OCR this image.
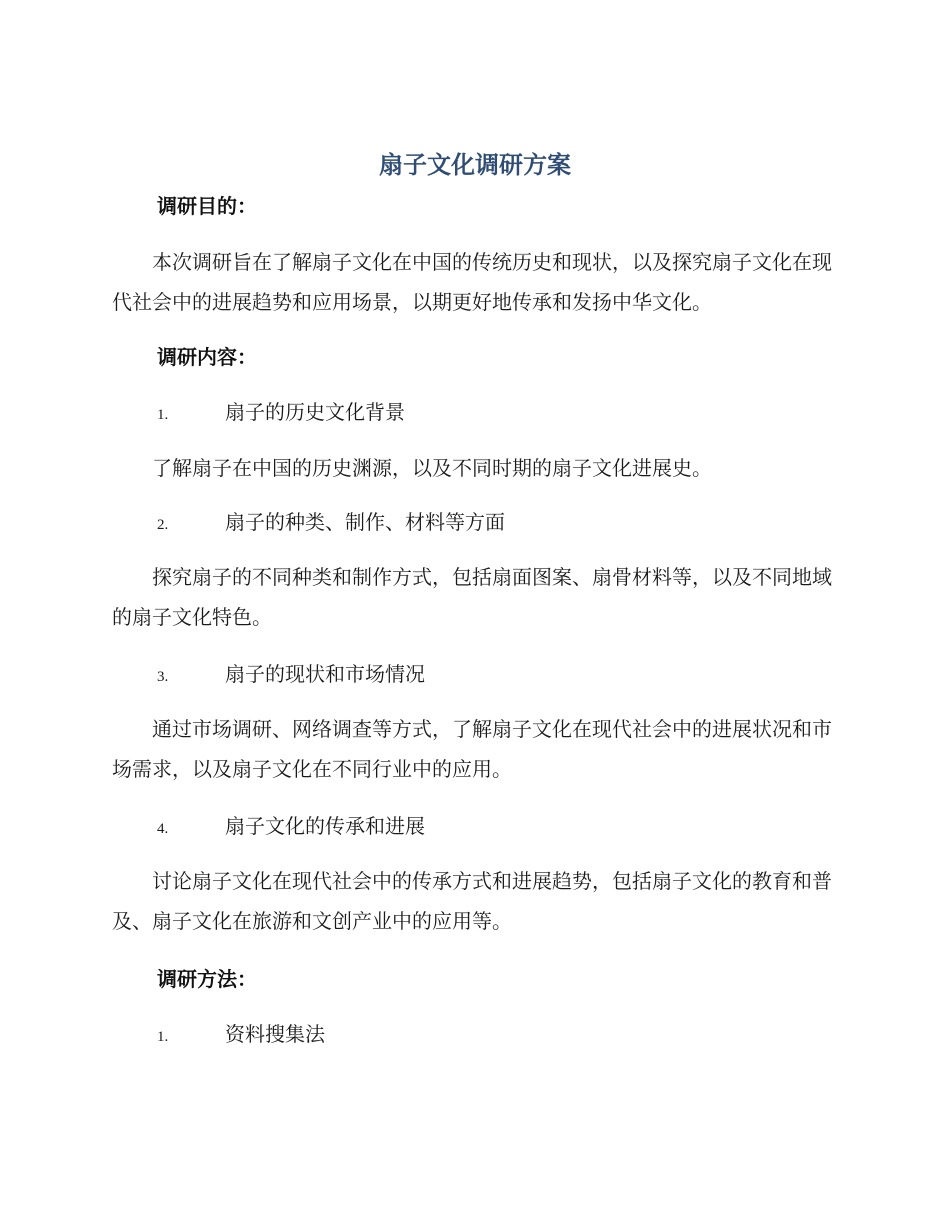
扇子文化调研方案
调研目的：

本次调研旨在了解扇子文化在中国的传统历史和现状，以及探究扇子文化在现代社会中的进展趋势和应用场景，以期更好地传承和发扬中华文化。

调研内容：
1.	扇子的历史文化背景

了解扇子在中国的历史渊源，以及不同时期的扇子文化进展史。

2.	扇子的种类、制作、材料等方面

探究扇子的不同种类和制作方式，包括扇面图案、扇骨材料等，以及不同地域的扇子文化特色。

3.	扇子的现状和市场情况

通过市场调研、网络调查等方式，了解扇子文化在现代社会中的进展状况和市场需求，以及扇子文化在不同行业中的应用。

4.	扇子文化的传承和进展

讨论扇子文化在现代社会中的传承方式和进展趋势，包括扇子文化的教育和普及、扇子文化在旅游和文创产业中的应用等。

调研方法：
1.	资料搜集法
